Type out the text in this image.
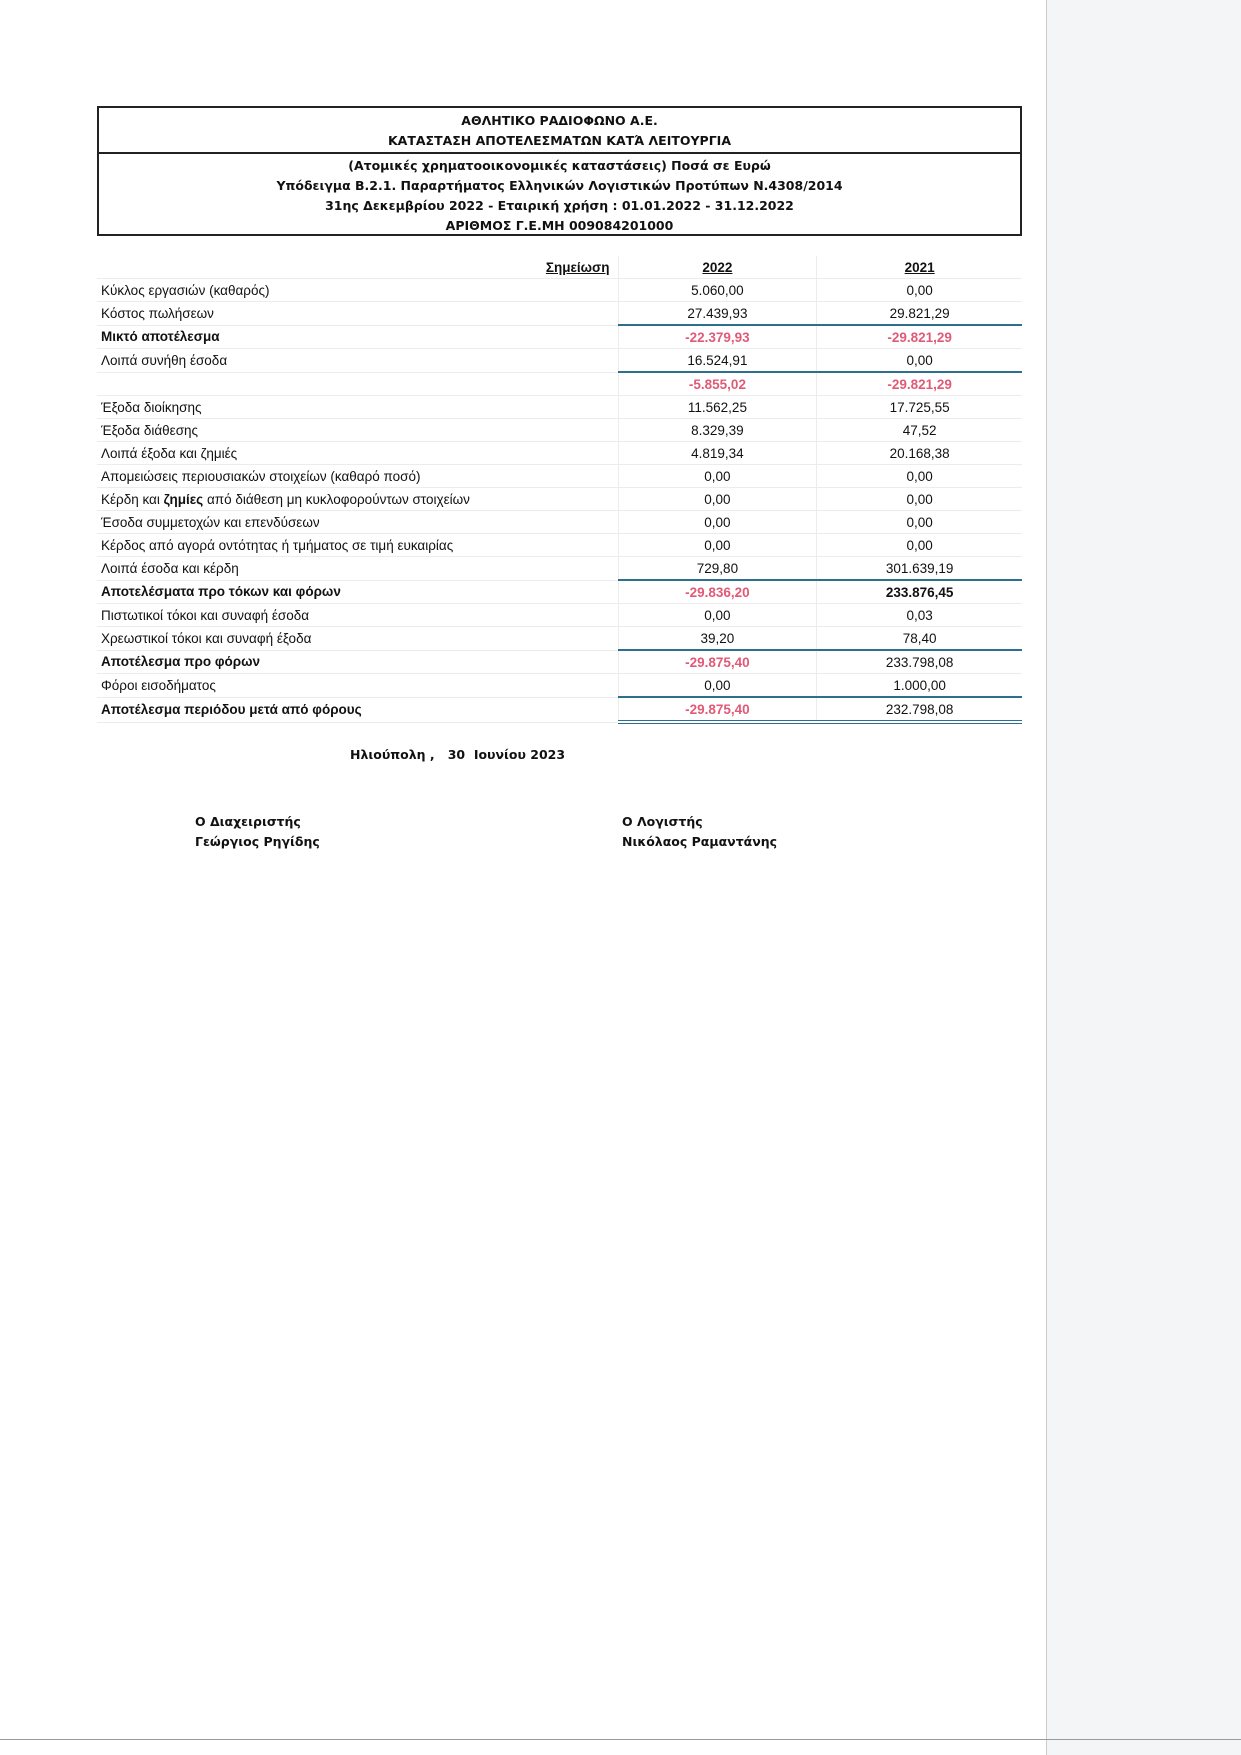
ΑΘΛΗΤΙΚΟ ΡΑΔΙΟΦΩΝΟ Α.Ε.
ΚΑΤΑΣΤΑΣΗ ΑΠΟΤΕΛΕΣΜΑΤΩΝ ΚΑΤΆ ΛΕΙΤΟΥΡΓΙΑ
(Ατομικές χρηματοοικονομικές καταστάσεις) Ποσά σε Ευρώ
Υπόδειγμα Β.2.1. Παραρτήματος Ελληνικών Λογιστικών Προτύπων Ν.4308/2014
31ης Δεκεμβρίου 2022 - Εταιρική χρήση : 01.01.2022 - 31.12.2022
ΑΡΙΘΜΟΣ Γ.Ε.ΜΗ 009084201000
	Σημείωση	2022	2021
Κύκλος εργασιών (καθαρός)		5.060,00	0,00
Κόστος πωλήσεων		27.439,93	29.821,29
Μικτό αποτέλεσμα		-22.379,93	-29.821,29
Λοιπά συνήθη έσοδα		16.524,91	0,00
		-5.855,02	-29.821,29
Έξοδα διοίκησης		11.562,25	17.725,55
Έξοδα διάθεσης		8.329,39	47,52
Λοιπά έξοδα και ζημιές		4.819,34	20.168,38
Απομειώσεις περιουσιακών στοιχείων (καθαρό ποσό)		0,00	0,00
Κέρδη και ζημίες από διάθεση μη κυκλοφορούντων στοιχείων		0,00	0,00
Έσοδα συμμετοχών και επενδύσεων		0,00	0,00
Κέρδος από αγορά οντότητας ή τμήματος σε τιμή ευκαιρίας		0,00	0,00
Λοιπά έσοδα και κέρδη		729,80	301.639,19
Αποτελέσματα προ τόκων και φόρων		-29.836,20	233.876,45
Πιστωτικοί τόκοι και συναφή έσοδα		0,00	0,03
Χρεωστικοί τόκοι και συναφή έξοδα		39,20	78,40
Αποτέλεσμα προ φόρων		-29.875,40	233.798,08
Φόροι εισοδήματος		0,00	1.000,00
Αποτέλεσμα περιόδου μετά από φόρους		-29.875,40	232.798,08
Ηλιούπολη , 30  Ιουνίου 2023
Ο Διαχειριστής
Γεώργιος Ρηγίδης
Ο Λογιστής
Νικόλαος Ραμαντάνης
